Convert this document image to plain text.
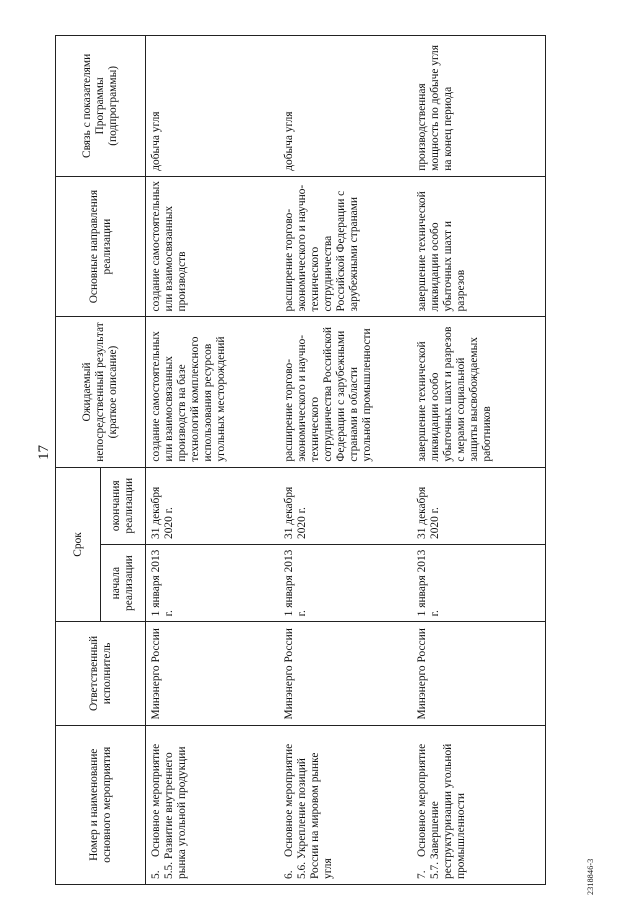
17
Номер и наименование основного мероприятия	Ответственный исполнитель	Срок		Ожидаемый непосредственный результат (краткое описание)	Основные направления реализации	Связь с показателями Программы (подпрограммы)
		начала реализации	окончания реализации			
5.Основное мероприятие 5.5. Развитие внутреннего рынка угольной продукции	Минэнерго России	1 января 2013 г.	31 декабря 2020 г.	создание самостоятельных или взаимосвязанных производств на базе технологий комплексного использования ресурсов угольных месторождений	создание самостоятельных или взаимосвязанных производств	добыча угля
6.Основное мероприятие 5.6. Укрепление позиций России на мировом рынке угля	Минэнерго России	1 января 2013 г.	31 декабря 2020 г.	расширение торгово-экономического и научно-технического сотрудничества Российской Федерации с зарубежными странами в области угольной промышленности	расширение торгово-экономического и научно-технического сотрудничества Российской Федерации с зарубежными странами	добыча угля
7.Основное мероприятие 5.7. Завершение реструктуризации угольной промышленности	Минэнерго России	1 января 2013 г.	31 декабря 2020 г.	завершение технической ликвидации особо убыточных шахт и разрезов с мерами социальной защиты высвобождаемых работников	завершение технической ликвидации особо убыточных шахт и разрезов	производственная мощность по добыче угля на конец периода
2318846-3
